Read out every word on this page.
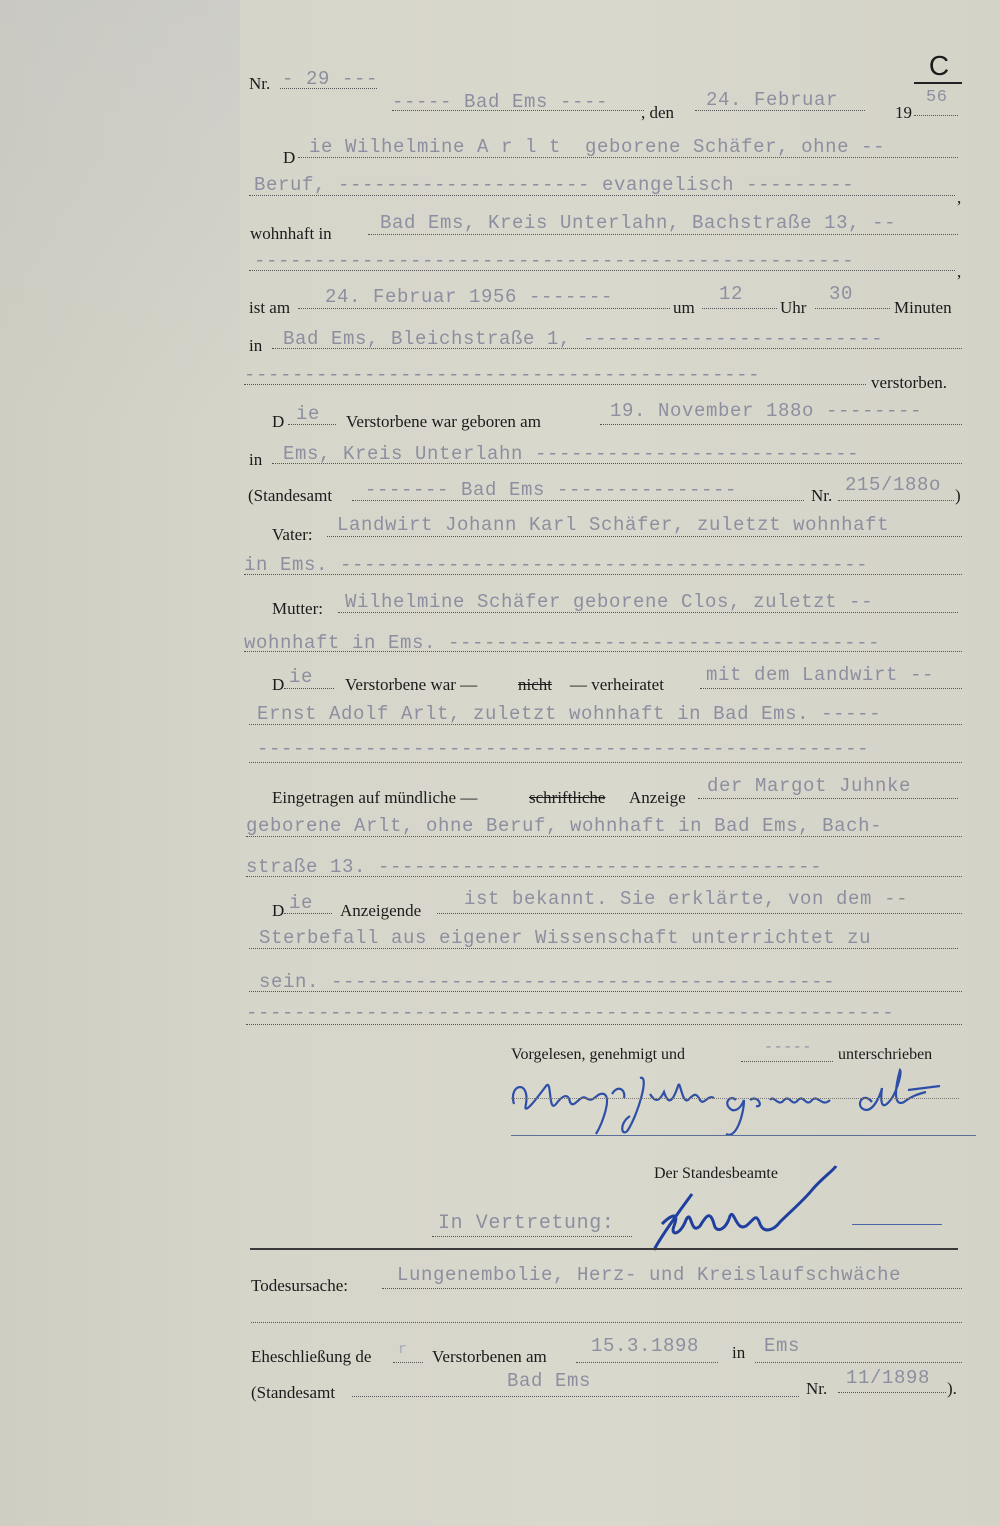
Nr. - 29 ---	C
----- Bad Ems ---- , den
24. Februar
19
56
D ie Wilhelmine A r l t  geborene Schäfer, ohne --
Beruf, --------------------- evangelisch ---------
,
wohnhaft in	Bad Ems, Kreis Unterlahn, Bachstraße 13, --
--------------------------------------------------	,
ist am 24. Februar 1956 -------	um
12
Uhr
30
Minuten
in Bad Ems, Bleichstraße 1, -------------------------
-------------------------------------------	verstorben.
D ie Verstorbene war geboren am	19. November 188o --------
in Ems, Kreis Unterlahn ---------------------------
(Standesamt ------- Bad Ems ---------------	Nr. 215/188o )
Vater: Landwirt Johann Karl Schäfer, zuletzt wohnhaft
in Ems. --------------------------------------------
Mutter: Wilhelmine Schäfer geborene Clos, zuletzt --
wohnhaft in Ems. ------------------------------------
D ie Verstorbene war — nicht — verheiratet mit dem Landwirt --
Ernst Adolf Arlt, zuletzt wohnhaft in Bad Ems. -----
---------------------------------------------------
Eingetragen auf mündliche —	schriftliche Anzeige
der Margot Juhnke
geborene Arlt, ohne Beruf, wohnhaft in Bad Ems, Bach-
straße 13. -------------------------------------
D ie Anzeigende
ist bekannt. Sie erklärte, von dem --
Sterbefall aus eigener Wissenschaft unterrichtet zu
sein. ------------------------------------------
------------------------------------------------------
Vorgelesen, genehmigt und	----- unterschrieben
Der Standesbeamte
In Vertretung:
Todesursache:	Lungenembolie, Herz- und Kreislaufschwäche
Eheschließung de r Verstorbenen am 15.3.1898 in Ems
(Standesamt
Bad Ems	Nr. 11/1898 ).
